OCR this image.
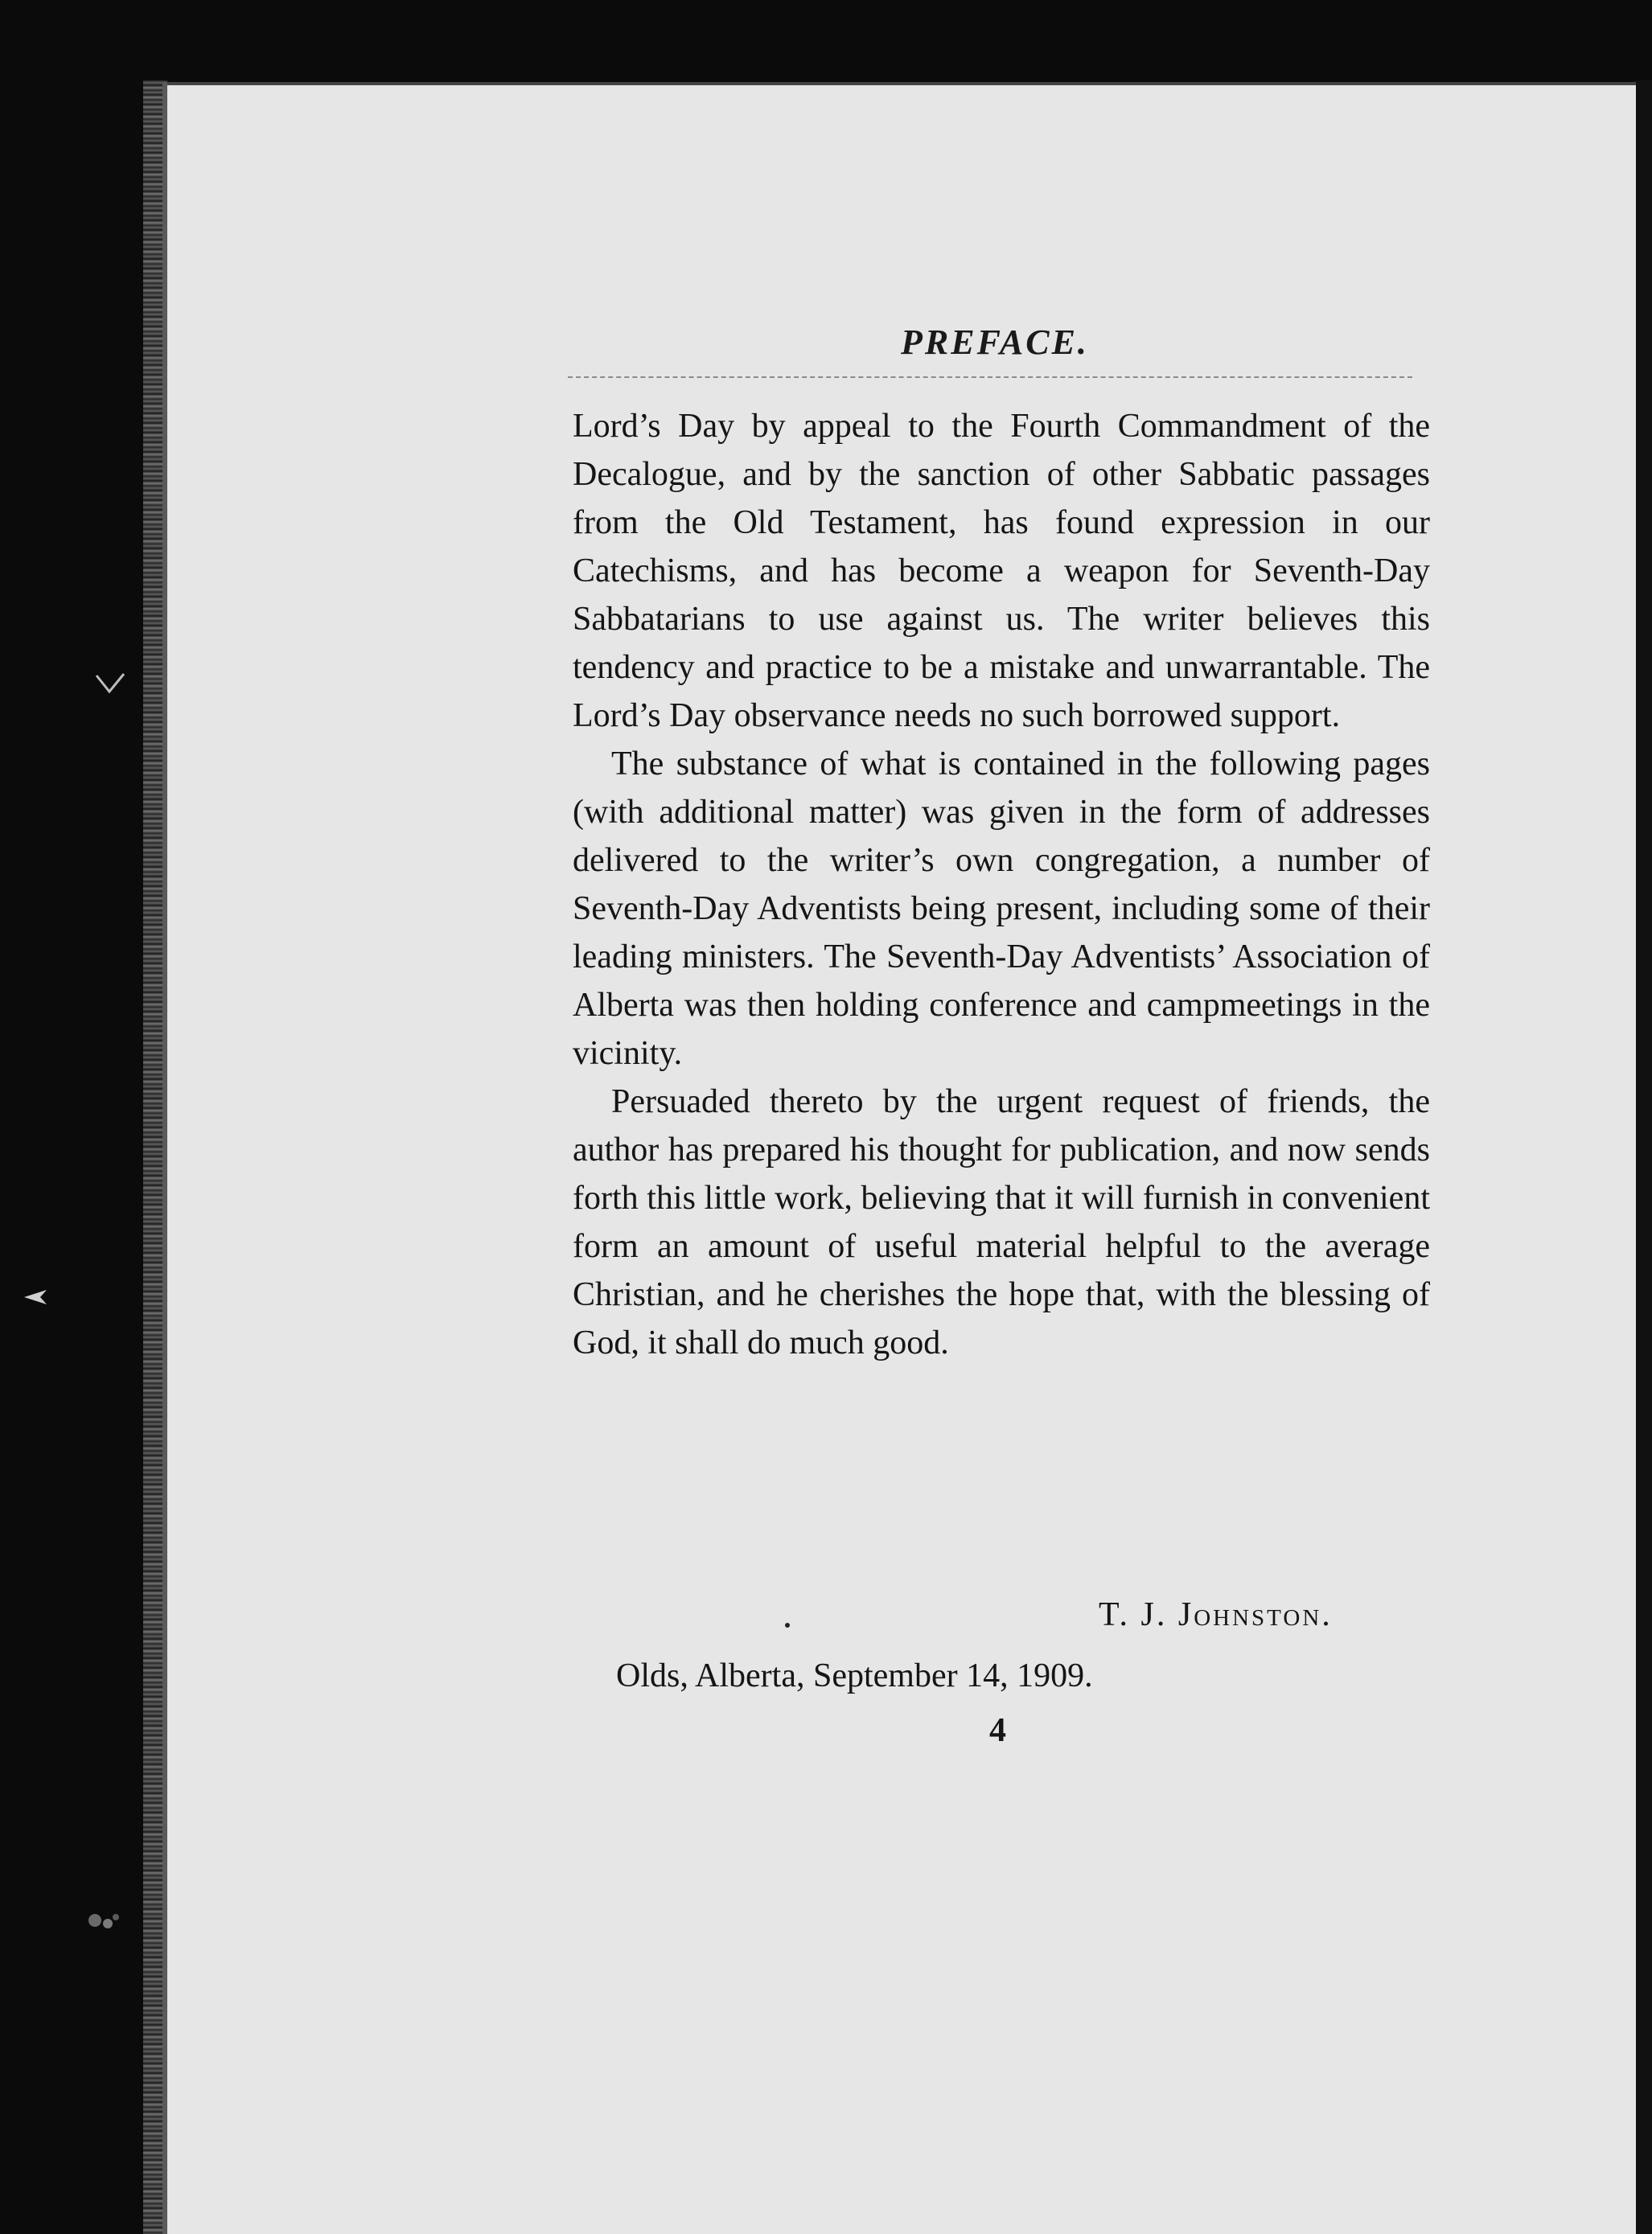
PREFACE.

Lord’s Day by appeal to the Fourth Commandment of the Decalogue, and by the sanction of other Sabbatic passages from the Old Testament, has found expression in our Catechisms, and has become a weapon for Seventh-Day Sabbatarians to use against us. The writer believes this tendency and practice to be a mistake and unwarrantable. The Lord’s Day observance needs no such borrowed support.

The substance of what is contained in the following pages (with additional matter) was given in the form of addresses delivered to the writer’s own congregation, a number of Seventh-Day Adventists being present, including some of their leading ministers. The Seventh-Day Adventists’ Association of Alberta was then holding conference and campmeetings in the vicinity.

Persuaded thereto by the urgent request of friends, the author has prepared his thought for publication, and now sends forth this little work, believing that it will furnish in convenient form an amount of useful material helpful to the average Christian, and he cherishes the hope that, with the blessing of God, it shall do much good.

T. J. Johnston.
Olds, Alberta, September 14, 1909.
4
